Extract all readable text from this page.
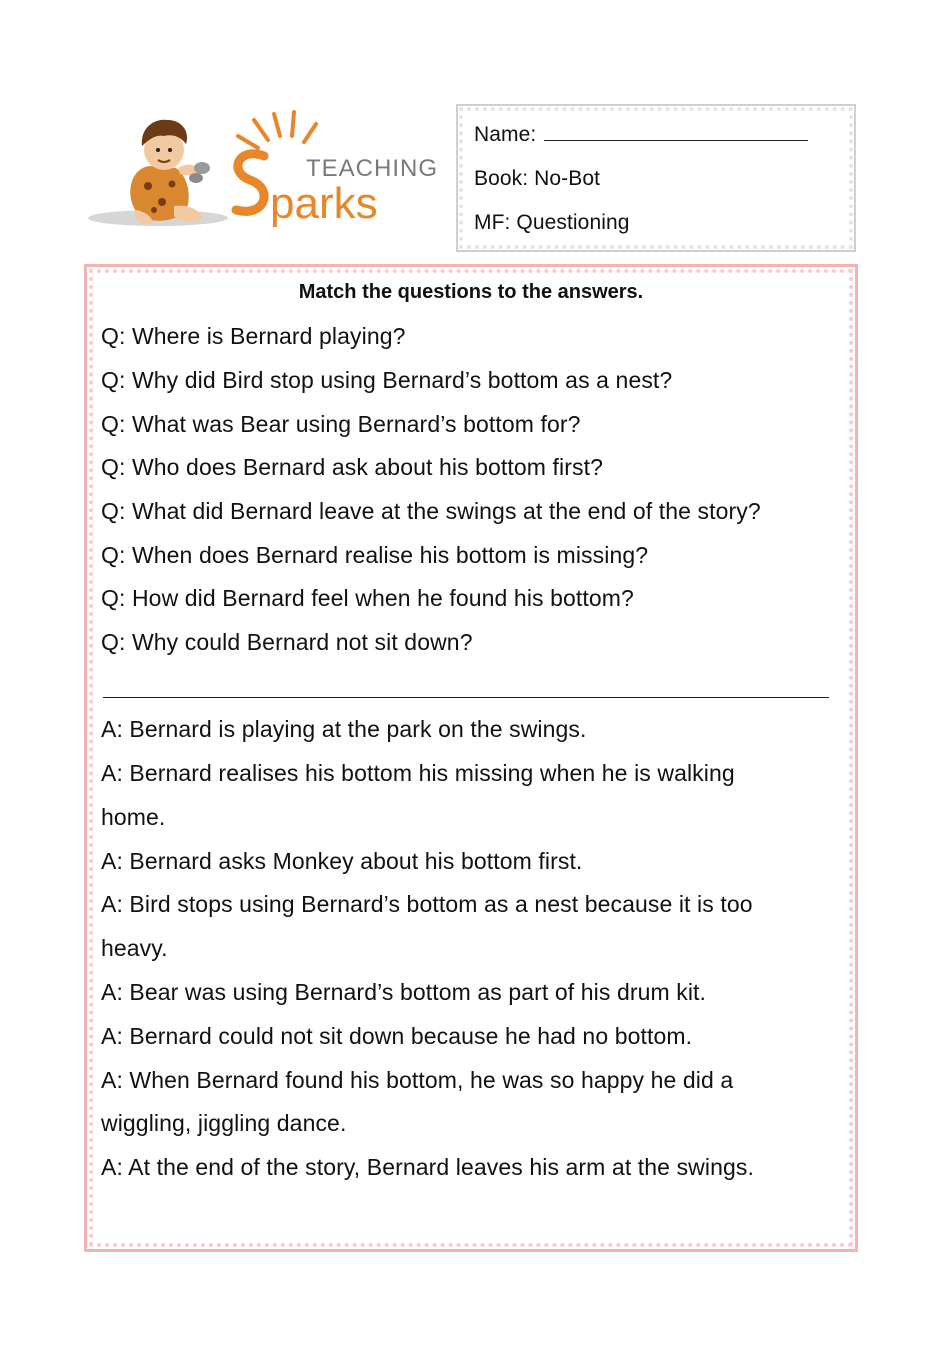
TEACHING
parks
Name:
Book: No-Bot
MF: Questioning
Match the questions to the answers.
Q: Where is Bernard playing?
Q: Why did Bird stop using Bernard’s bottom as a nest?
Q: What was Bear using Bernard’s bottom for?
Q: Who does Bernard ask about his bottom first?
Q: What did Bernard leave at the swings at the end of the story?
Q: When does Bernard realise his bottom is missing?
Q: How did Bernard feel when he found his bottom?
Q: Why could Bernard not sit down?
A: Bernard is playing at the park on the swings.
A: Bernard realises his bottom his missing when he is walking
home.
A: Bernard asks Monkey about his bottom first.
A: Bird stops using Bernard’s bottom as a nest because it is too
heavy.
A: Bear was using Bernard’s bottom as part of his drum kit.
A: Bernard could not sit down because he had no bottom.
A: When Bernard found his bottom, he was so happy he did a
wiggling, jiggling dance.
A: At the end of the story, Bernard leaves his arm at the swings.
